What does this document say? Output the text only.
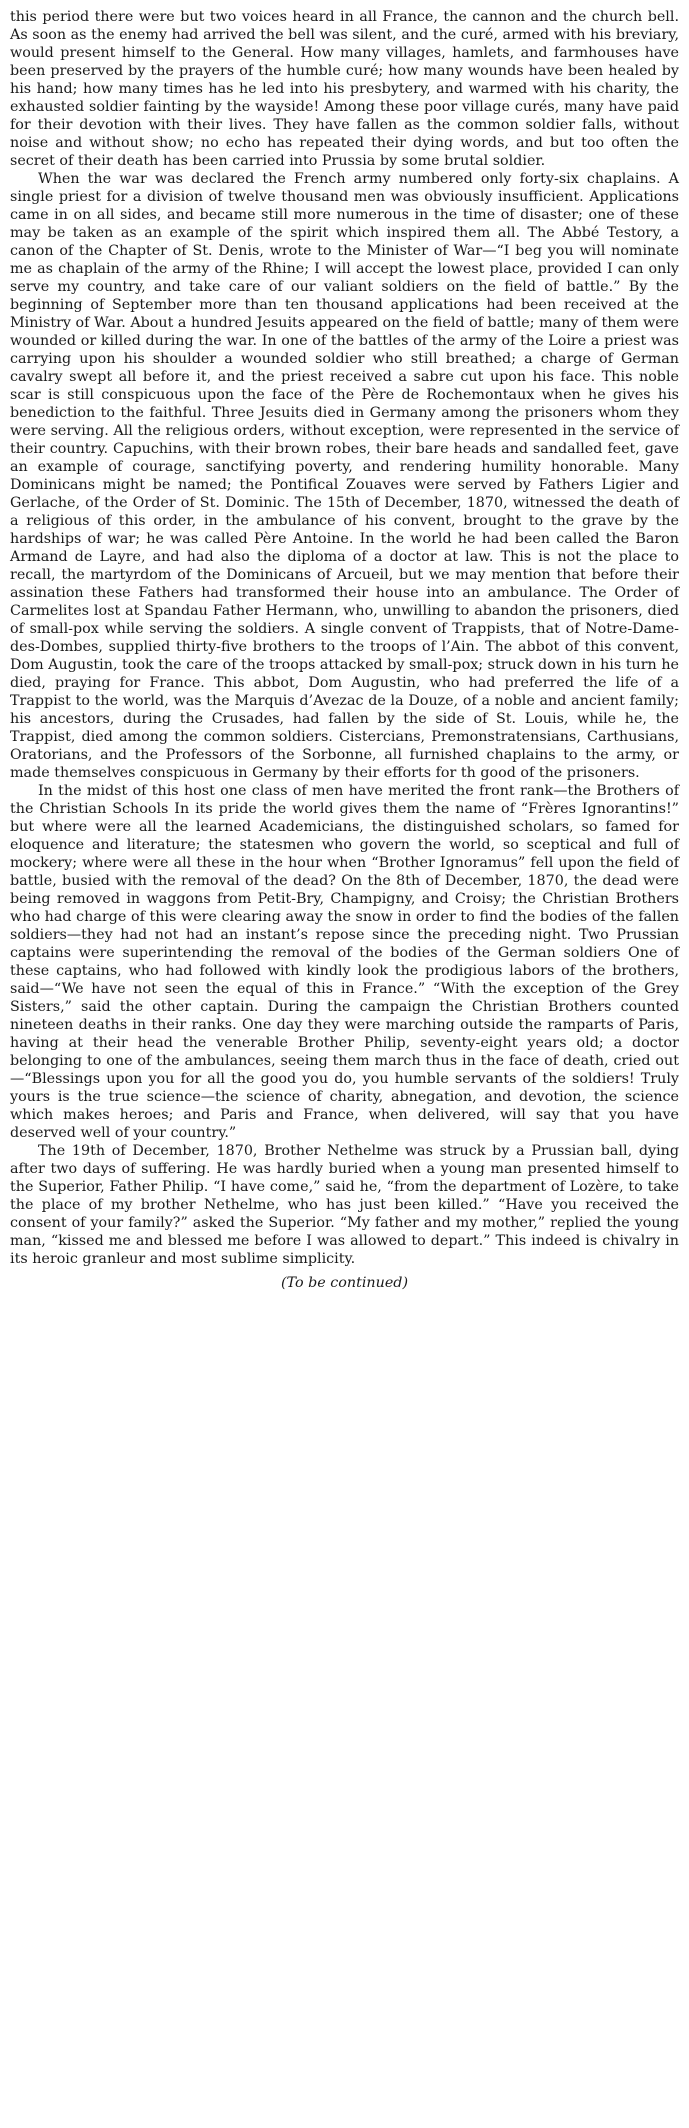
this period there were but two voices heard in all France, the cannon and the church bell. As soon as the enemy had arrived the bell was silent, and the curé, armed with his breviary, would present himself to the General. How many villages, hamlets, and farmhouses have been preserved by the prayers of the humble curé; how many wounds have been healed by his hand; how many times has he led into his presbytery, and warmed with his charity, the exhausted soldier fainting by the wayside! Among these poor village curés, many have paid for their devotion with their lives. They have fallen as the common soldier falls, without noise and without show; no echo has repeated their dying words, and but too often the secret of their death has been carried into Prussia by some brutal soldier.

When the war was declared the French army numbered only forty-six chaplains. A single priest for a division of twelve thousand men was obviously insufficient. Applications came in on all sides, and became still more numerous in the time of disaster; one of these may be taken as an example of the spirit which inspired them all. The Abbé Testory, a canon of the Chapter of St. Denis, wrote to the Minister of War—“I beg you will nominate me as chaplain of the army of the Rhine; I will accept the lowest place, provided I can only serve my country, and take care of our valiant soldiers on the field of battle.” By the beginning of September more than ten thousand applications had been received at the Ministry of War. About a hundred Jesuits appeared on the field of battle; many of them were wounded or killed during the war. In one of the battles of the army of the Loire a priest was carrying upon his shoulder a wounded soldier who still breathed; a charge of German cavalry swept all before it, and the priest received a sabre cut upon his face. This noble scar is still conspicuous upon the face of the Père de Rochemontaux when he gives his benediction to the faithful. Three Jesuits died in Germany among the prisoners whom they were serving. All the religious orders, without exception, were represented in the service of their country. Capuchins, with their brown robes, their bare heads and sandalled feet, gave an example of courage, sanctifying poverty, and rendering humility honorable. Many Dominicans might be named; the Pontifical Zouaves were served by Fathers Ligier and Gerlache, of the Order of St. Dominic. The 15th of December, 1870, witnessed the death of a religious of this order, in the ambulance of his convent, brought to the grave by the hardships of war; he was called Père Antoine. In the world he had been called the Baron Armand de Layre, and had also the diploma of a doctor at law. This is not the place to recall, the martyrdom of the Dominicans of Arcueil, but we may mention that before their assination these Fathers had transformed their house into an ambulance. The Order of Carmelites lost at Spandau Father Hermann, who, unwilling to abandon the prisoners, died of small-pox while serving the soldiers. A single convent of Trappists, that of Notre-Dame-des-Dombes, supplied thirty-five brothers to the troops of l’Ain. The abbot of this convent, Dom Augustin, took the care of the troops attacked by small-pox; struck down in his turn he died, praying for France. This abbot, Dom Augustin, who had preferred the life of a Trappist to the world, was the Marquis d’Avezac de la Douze, of a noble and ancient family; his ancestors, during the Crusades, had fallen by the side of St. Louis, while he, the Trappist, died among the common soldiers. Cistercians, Premonstratensians, Carthusians, Oratorians, and the Professors of the Sorbonne, all furnished chaplains to the army, or made themselves conspicuous in Germany by their efforts for th good of the prisoners.

In the midst of this host one class of men have merited the front rank—the Brothers of the Christian Schools In its pride the world gives them the name of “Frères Ignorantins!” but where were all the learned Academicians, the distinguished scholars, so famed for eloquence and literature; the statesmen who govern the world, so sceptical and full of mockery; where were all these in the hour when “Brother Ignoramus” fell upon the field of battle, busied with the removal of the dead? On the 8th of December, 1870, the dead were being removed in waggons from Petit-Bry, Champigny, and Croisy; the Christian Brothers who had charge of this were clearing away the snow in order to find the bodies of the fallen soldiers—they had not had an instant’s repose since the preceding night. Two Prussian captains were superintending the removal of the bodies of the German soldiers One of these captains, who had followed with kindly look the prodigious labors of the brothers, said—“We have not seen the equal of this in France.” “With the exception of the Grey Sisters,” said the other captain. During the campaign the Christian Brothers counted nineteen deaths in their ranks. One day they were marching outside the ramparts of Paris, having at their head the venerable Brother Philip, seventy-eight years old; a doctor belonging to one of the ambulances, seeing them march thus in the face of death, cried out —“Blessings upon you for all the good you do, you humble servants of the soldiers! Truly yours is the true science—the science of charity, abnegation, and devotion, the science which makes heroes; and Paris and France, when delivered, will say that you have deserved well of your country.”

The 19th of December, 1870, Brother Nethelme was struck by a Prussian ball, dying after two days of suffering. He was hardly buried when a young man presented himself to the Superior, Father Philip. “I have come,” said he, “from the department of Lozère, to take the place of my brother Nethelme, who has just been killed.” “Have you received the consent of your family?” asked the Superior. “My father and my mother,” replied the young man, “kissed me and blessed me before I was allowed to depart.” This indeed is chivalry in its heroic granleur and most sublime simplicity.

(To be continued)
